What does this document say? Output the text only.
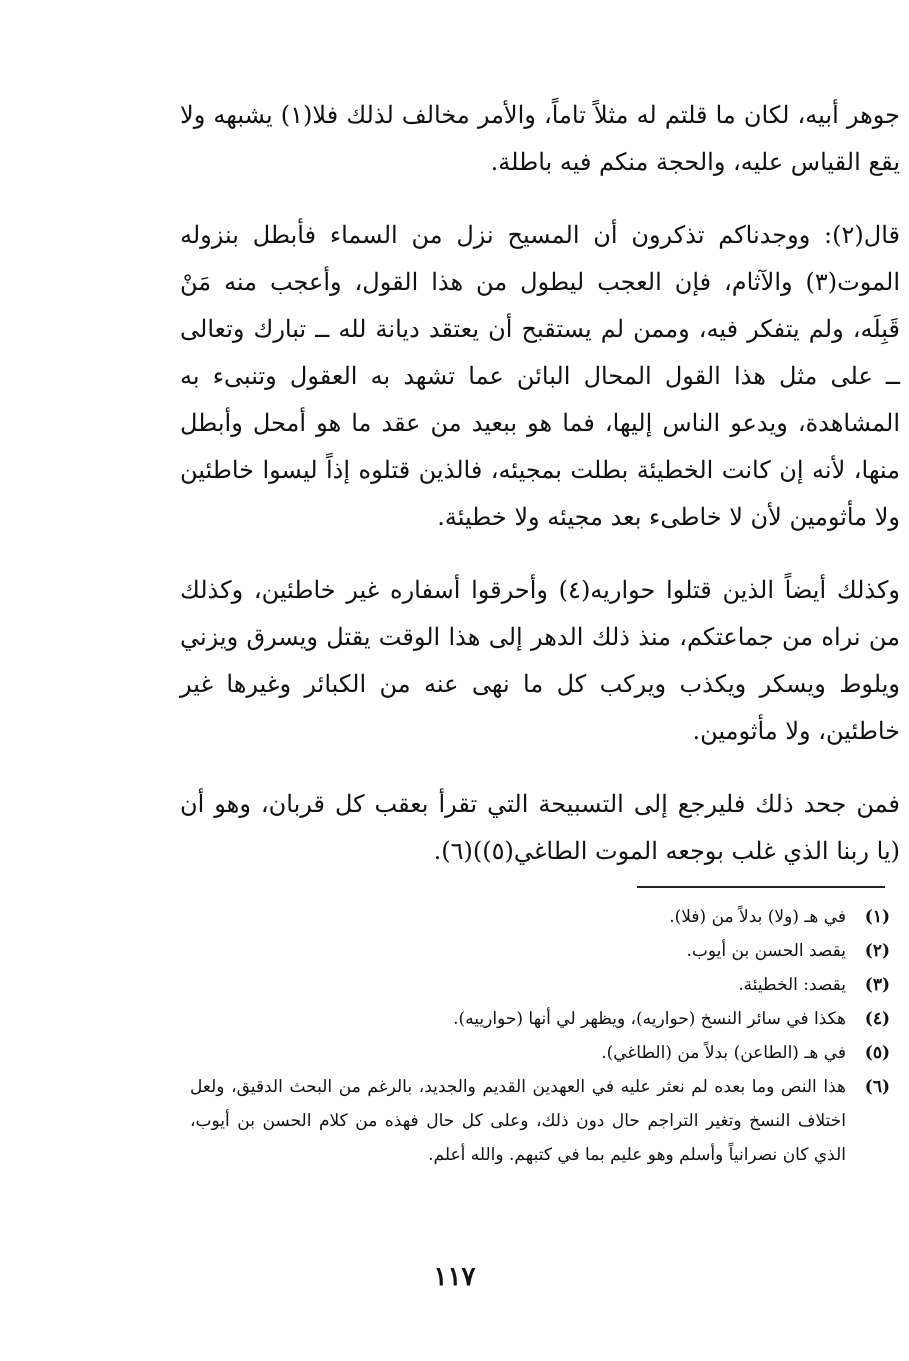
جوهر أبيه، لكان ما قلتم له مثلاً تاماً، والأمر مخالف لذلك فلا(١) يشبهه ولا يقع القياس عليه، والحجة منكم فيه باطلة.

قال(٢): ووجدناكم تذكرون أن المسيح نزل من السماء فأبطل بنزوله الموت(٣) والآثام، فإن العجب ليطول من هذا القول، وأعجب منه مَنْ قَبِلَه، ولم يتفكر فيه، وممن لم يستقبح أن يعتقد ديانة لله ــ تبارك وتعالى ــ على مثل هذا القول المحال البائن عما تشهد به العقول وتنبىء به المشاهدة، ويدعو الناس إليها، فما هو ببعيد من عقد ما هو أمحل وأبطل منها، لأنه إن كانت الخطيئة بطلت بمجيئه، فالذين قتلوه إذاً ليسوا خاطئين ولا مأثومين لأن لا خاطىء بعد مجيئه ولا خطيئة.

وكذلك أيضاً الذين قتلوا حواريه(٤) وأحرقوا أسفاره غير خاطئين، وكذلك من نراه من جماعتكم، منذ ذلك الدهر إلى هذا الوقت يقتل ويسرق ويزني ويلوط ويسكر ويكذب ويركب كل ما نهى عنه من الكبائر وغيرها غير خاطئين، ولا مأثومين.

فمن جحد ذلك فليرجع إلى التسبيحة التي تقرأ بعقب كل قربان، وهو أن (يا ربنا الذي غلب بوجعه الموت الطاغي(٥))(٦).

(١)
في هـ (ولا) بدلاً من (فلا).
(٢)
يقصد الحسن بن أيوب.
(٣)
يقصد: الخطيئة.
(٤)
هكذا في سائر النسخ (حواريه)، ويظهر لي أنها (حوارييه).
(٥)
في هـ (الطاعن) بدلاً من (الطاغي).
(٦)
هذا النص وما بعده لم نعثر عليه في العهدين القديم والجديد، بالرغم من البحث الدقيق، ولعل اختلاف النسخ وتغير التراجم حال دون ذلك، وعلى كل حال فهذه من كلام الحسن بن أيوب، الذي كان نصرانياً وأسلم وهو عليم بما في كتبهم. والله أعلم.
١١٧
